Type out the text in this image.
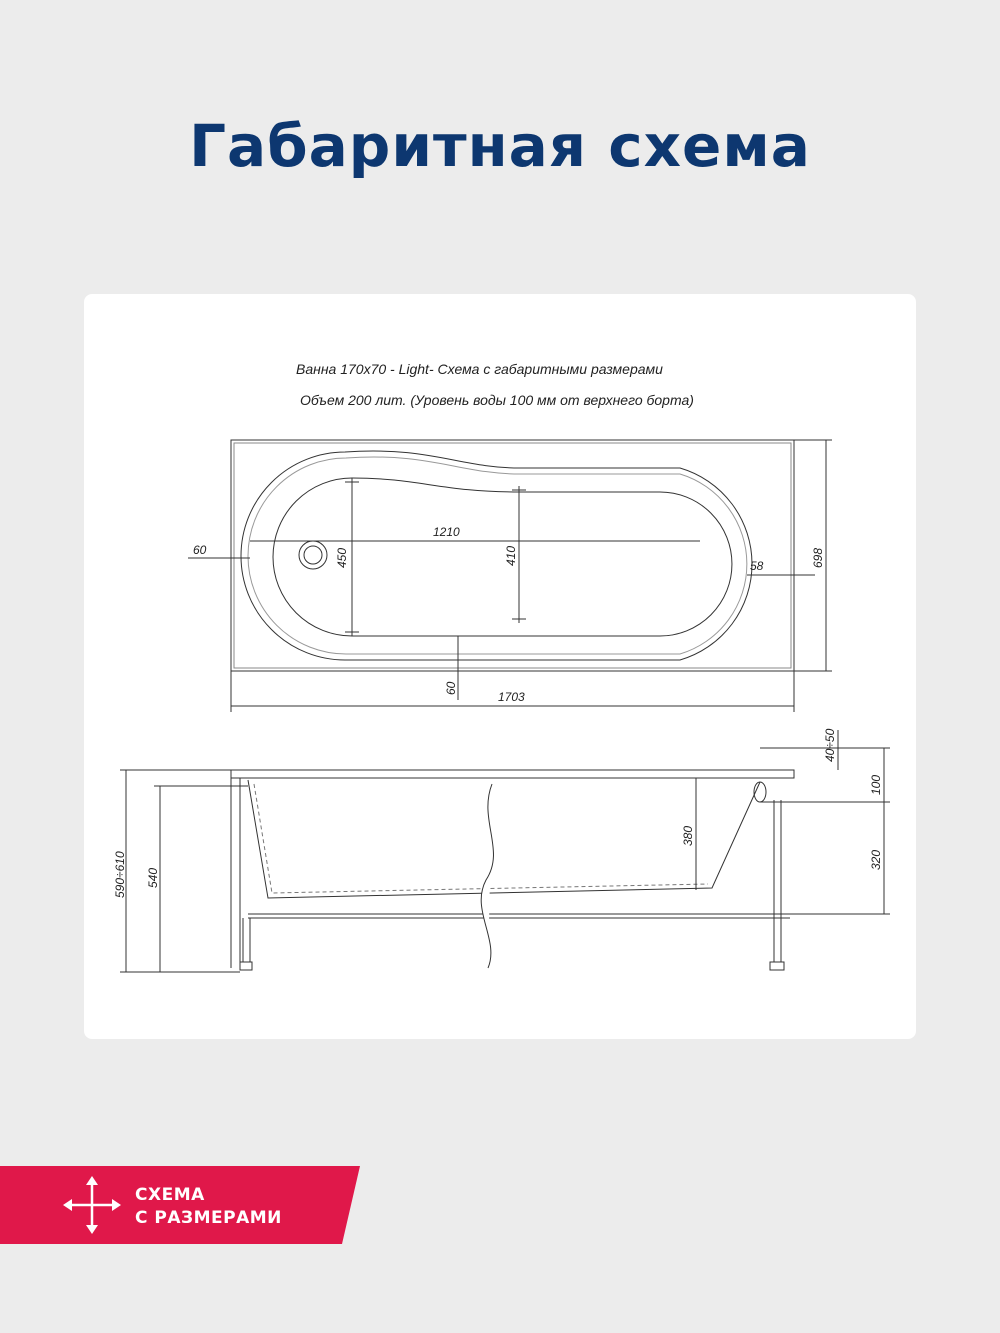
Габаритная схема
Ванна 170х70 - Light- Схема с габаритными размерами
Объем 200 лит. (Уровень воды 100 мм от верхнего борта)
1210
450	410
60
58
60
1703
698
590÷610 540
380
40÷50
100
320
СХЕМА
С РАЗМЕРАМИ
